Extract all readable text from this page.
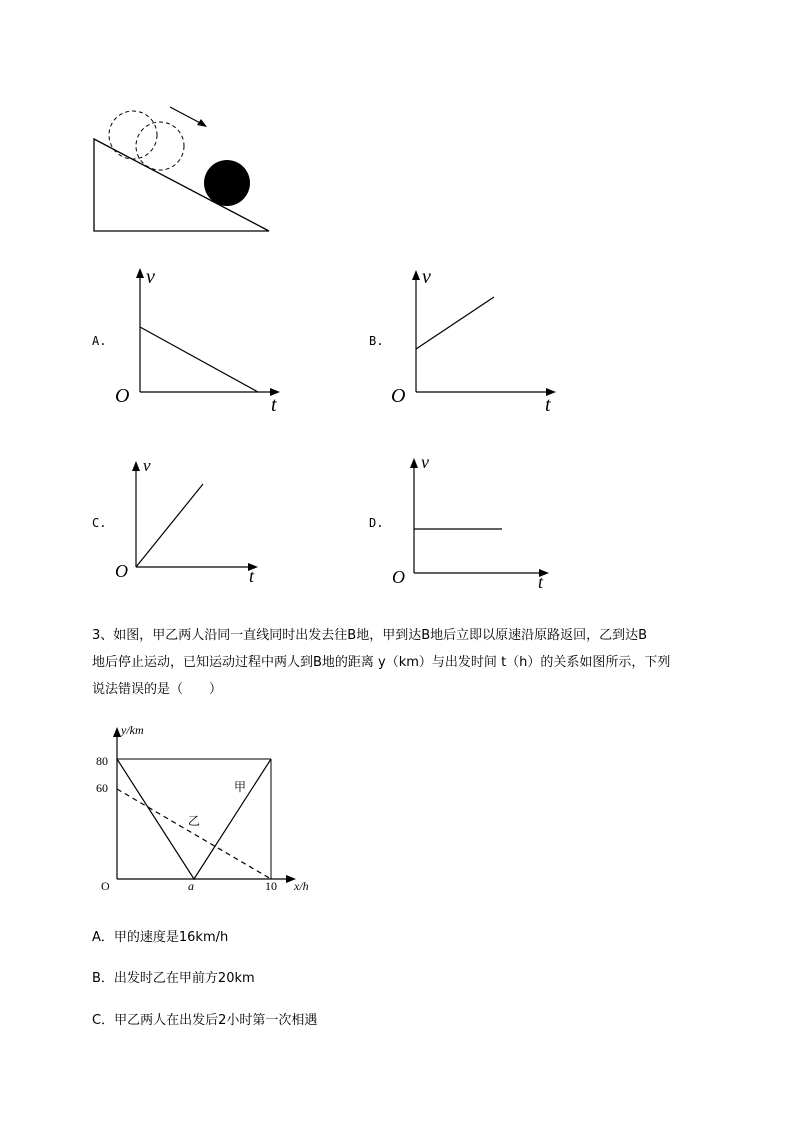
A.
v
O	t
B.
v
O	t
C.
v
O	t
D.
v
O	t
3、如图，甲乙两人沿同一直线同时出发去往B地，甲到达B地后立即以原速沿原路返回，乙到达B
地后停止运动，已知运动过程中两人到B地的距离 y（km）与出发时间 t（h）的关系如图所示，下列
说法错误的是（　　）
y/km
x/h
O
80
60
a	10
甲
乙
A．甲的速度是16km/h
B．出发时乙在甲前方20km
C．甲乙两人在出发后2小时第一次相遇
